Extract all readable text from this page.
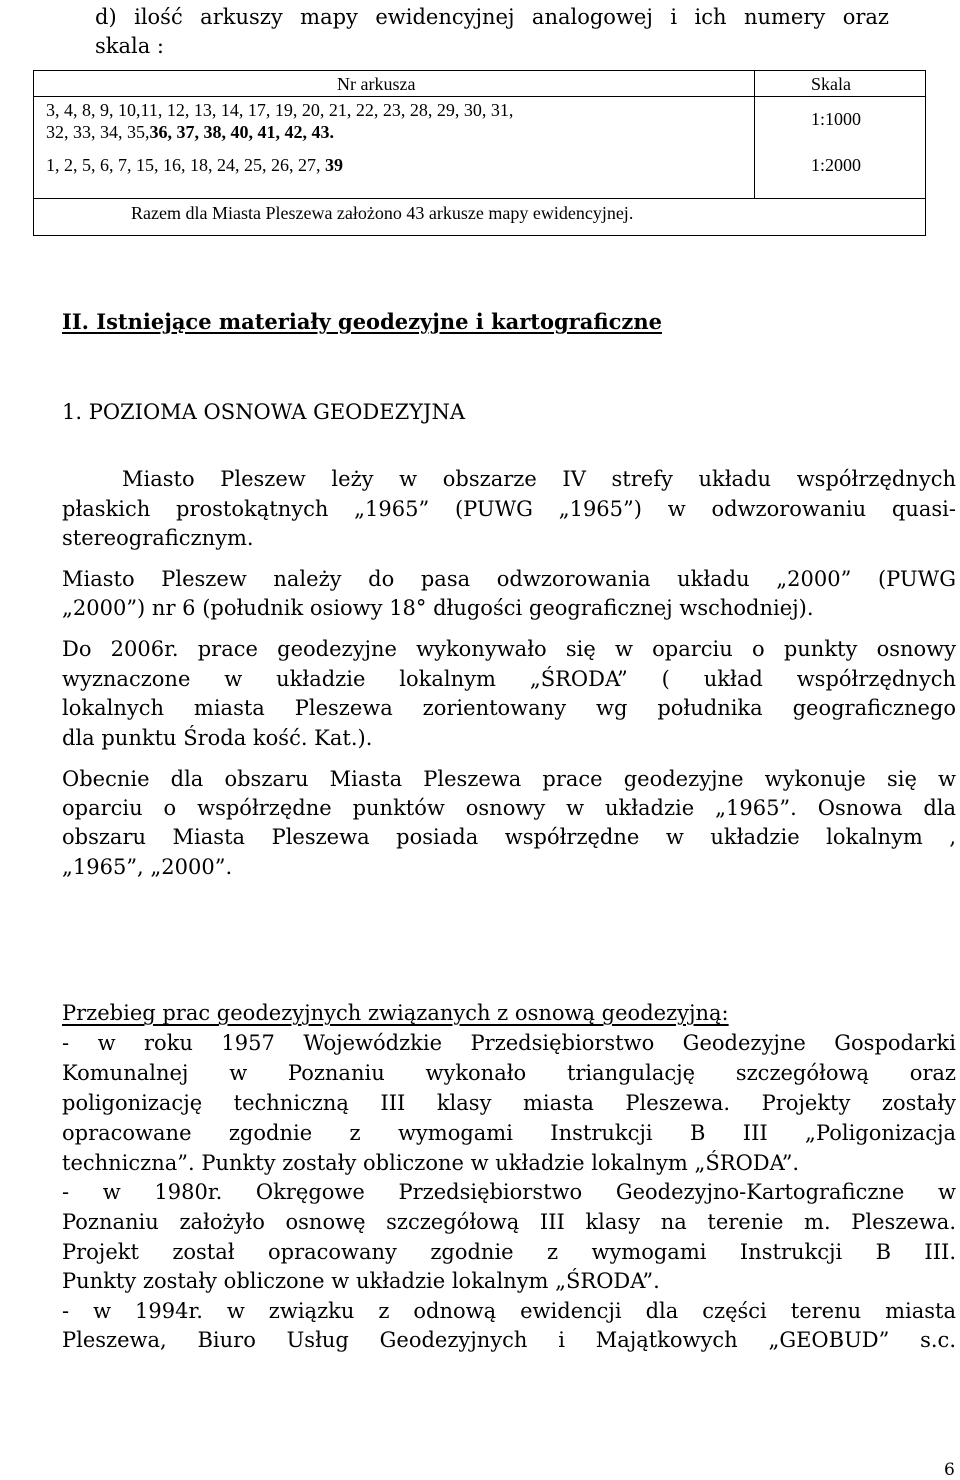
d) ilość arkuszy mapy ewidencyjnej analogowej i ich numery oraz
skala :
Nr arkusza	Skala
3, 4, 8, 9, 10,11, 12, 13, 14, 17, 19, 20, 21, 22, 23, 28, 29, 30, 31,
32, 33, 34, 35,36, 37, 38, 40, 41, 42, 43.
1:1000
1, 2, 5, 6, 7, 15, 16, 18, 24, 25, 26, 27, 39	1:2000
Razem dla Miasta Pleszewa założono 43 arkusze mapy ewidencyjnej.
II. Istniejące materiały geodezyjne i kartograficzne
1. POZIOMA OSNOWA GEODEZYJNA
Miasto Pleszew leży w obszarze IV strefy układu współrzędnych
płaskich prostokątnych „1965” (PUWG „1965”) w odwzorowaniu quasi-
stereograficznym.
Miasto Pleszew należy do pasa odwzorowania układu „2000” (PUWG
„2000”) nr 6 (południk osiowy 18° długości geograficznej wschodniej).
Do 2006r. prace geodezyjne wykonywało się w oparciu o punkty osnowy
wyznaczone w układzie lokalnym „ŚRODA” ( układ współrzędnych
lokalnych miasta Pleszewa zorientowany wg południka geograficznego
dla punktu Środa kość. Kat.).
Obecnie dla obszaru Miasta Pleszewa prace geodezyjne wykonuje się w
oparciu o współrzędne punktów osnowy w układzie „1965”. Osnowa dla
obszaru Miasta Pleszewa posiada współrzędne w układzie lokalnym ,
„1965”, „2000”.
Przebieg prac geodezyjnych związanych z osnową geodezyjną:
- w roku 1957 Wojewódzkie Przedsiębiorstwo Geodezyjne Gospodarki
Komunalnej w Poznaniu wykonało triangulację szczegółową oraz
poligonizację techniczną III klasy miasta Pleszewa. Projekty zostały
opracowane zgodnie z wymogami Instrukcji B III „Poligonizacja
techniczna”. Punkty zostały obliczone w układzie lokalnym „ŚRODA”.
- w 1980r. Okręgowe Przedsiębiorstwo Geodezyjno-Kartograficzne w
Poznaniu założyło osnowę szczegółową III klasy na terenie m. Pleszewa.
Projekt został opracowany zgodnie z wymogami Instrukcji B III.
Punkty zostały obliczone w układzie lokalnym „ŚRODA”.
- w 1994r. w związku z odnową ewidencji dla części terenu miasta
Pleszewa, Biuro Usług Geodezyjnych i Majątkowych „GEOBUD” s.c.
6
